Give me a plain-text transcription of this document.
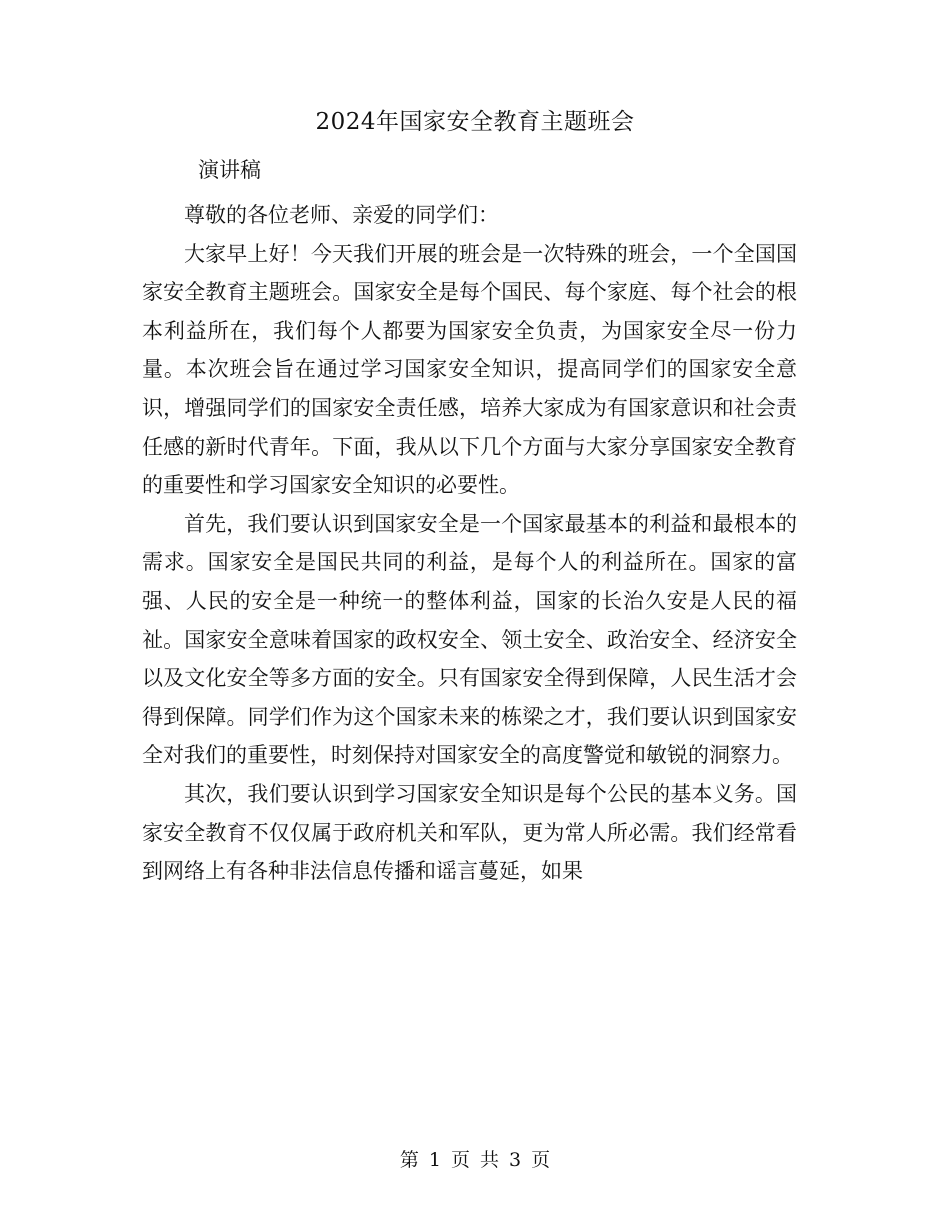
2024年国家安全教育主题班会
演讲稿

尊敬的各位老师、亲爱的同学们：

大家早上好！今天我们开展的班会是一次特殊的班会，一个全国国家安全教育主题班会。国家安全是每个国民、每个家庭、每个社会的根本利益所在，我们每个人都要为国家安全负责，为国家安全尽一份力量。本次班会旨在通过学习国家安全知识，提高同学们的国家安全意识，增强同学们的国家安全责任感，培养大家成为有国家意识和社会责任感的新时代青年。下面，我从以下几个方面与大家分享国家安全教育的重要性和学习国家安全知识的必要性。

首先，我们要认识到国家安全是一个国家最基本的利益和最根本的需求。国家安全是国民共同的利益，是每个人的利益所在。国家的富强、人民的安全是一种统一的整体利益，国家的长治久安是人民的福祉。国家安全意味着国家的政权安全、领土安全、政治安全、经济安全以及文化安全等多方面的安全。只有国家安全得到保障，人民生活才会得到保障。同学们作为这个国家未来的栋梁之才，我们要认识到国家安全对我们的重要性，时刻保持对国家安全的高度警觉和敏锐的洞察力。

其次，我们要认识到学习国家安全知识是每个公民的基本义务。国家安全教育不仅仅属于政府机关和军队，更为常人所必需。我们经常看到网络上有各种非法信息传播和谣言蔓延，如果

第 1 页 共 3 页
